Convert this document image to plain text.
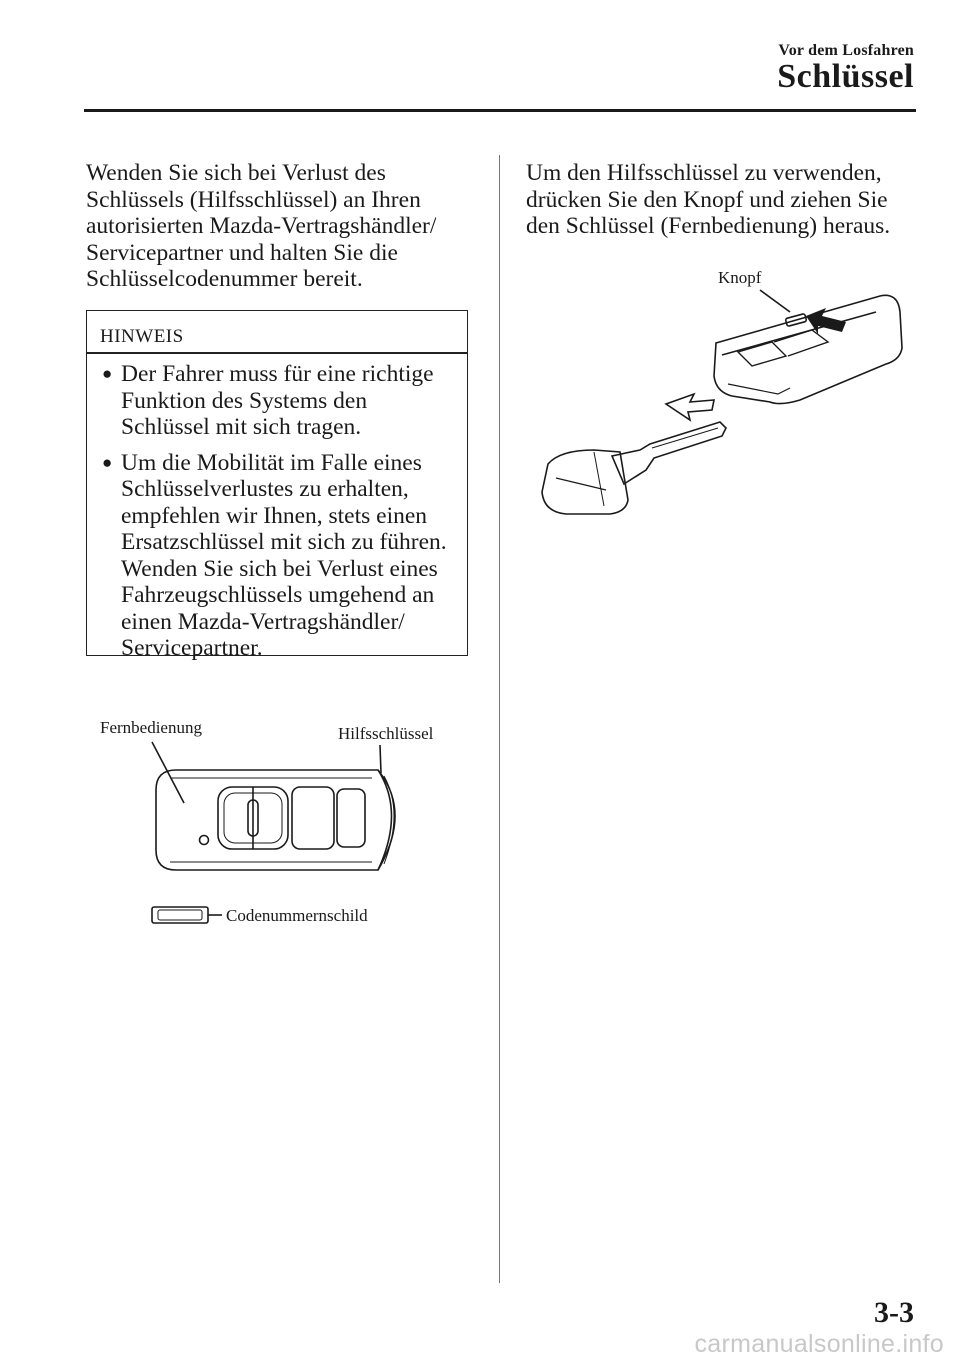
Vor dem Losfahren
Schlüssel

Wenden Sie sich bei Verlust des Schlüssels (Hilfsschlüssel) an Ihren autorisierten Mazda-Vertragshändler/ Servicepartner und halten Sie die Schlüsselcodenummer bereit.

HINWEIS
● Der Fahrer muss für eine richtige Funktion des Systems den Schlüssel mit sich tragen.
● Um die Mobilität im Falle eines Schlüsselverlustes zu erhalten, empfehlen wir Ihnen, stets einen Ersatzschlüssel mit sich zu führen. Wenden Sie sich bei Verlust eines Fahrzeugschlüssels umgehend an einen Mazda-Vertragshändler/ Servicepartner.
Fernbedienung	Hilfsschlüssel
Codenummernschild

Um den Hilfsschlüssel zu verwenden, drücken Sie den Knopf und ziehen Sie den Schlüssel (Fernbedienung) heraus.

Knopf
3-3
carmanualsonline.info
